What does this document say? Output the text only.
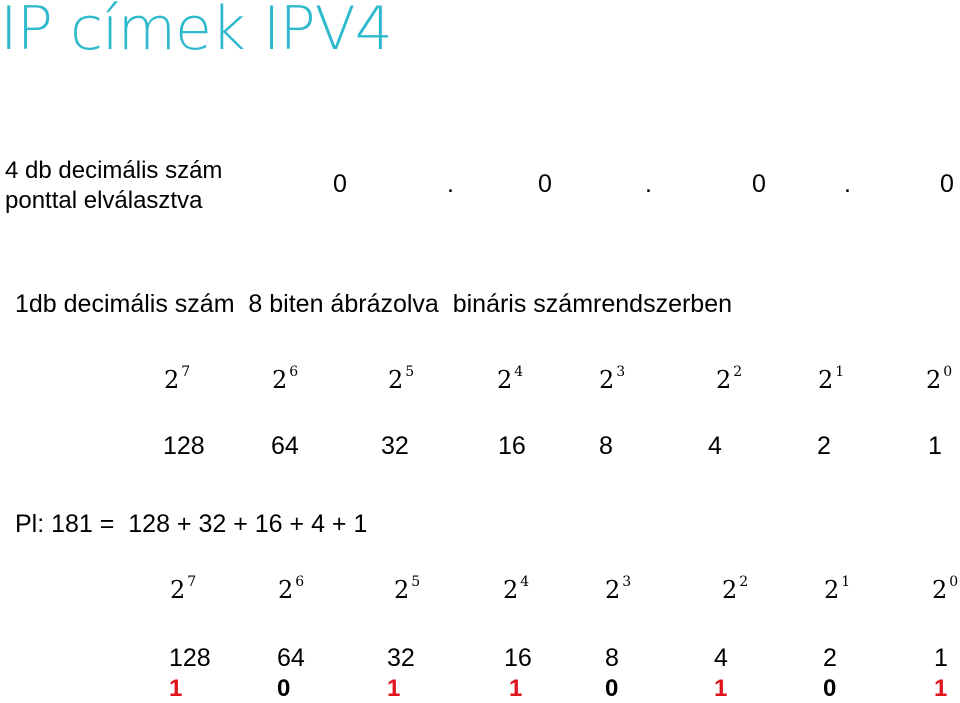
IP címek IPV4
4 db decimális szám
ponttal elválasztva
0	.	0	.	0	.	0
1db decimális szám  8 biten ábrázolva  bináris számrendszerben
2 $^7$	2 $^6$	2 $^5$	2 $^4$	2 $^3$	2 $^2$	2 $^1$	2 $^0$
128	64	32	16	8	4	2	1
Pl: 181 =  128 + 32 + 16 + 4 + 1
2 $^7$	2 $^6$	2 $^5$	2 $^4$	2 $^3$	2 $^2$	2 $^1$	2 $^0$
128	64	32	16	8	4	2	1
1	0	1	1	0	1	0	1
